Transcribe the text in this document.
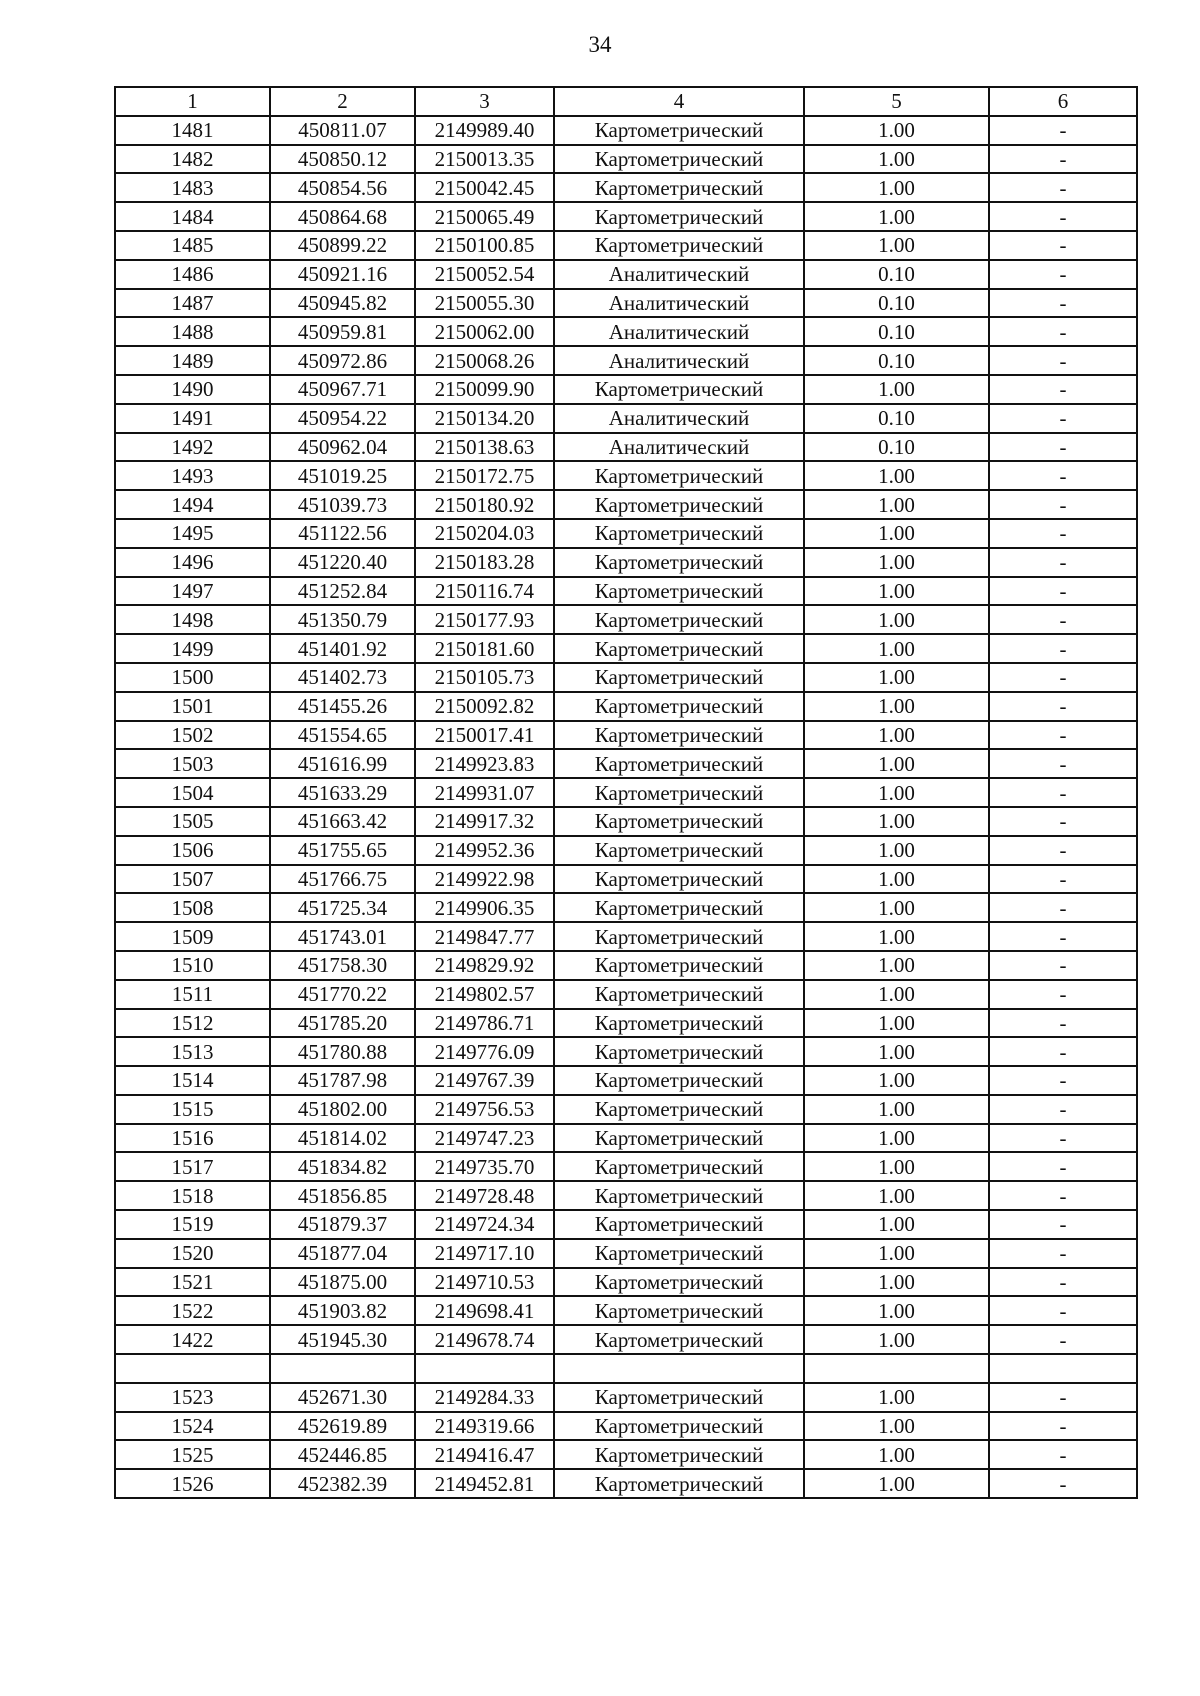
34
1	2	3	4	5	6
1481	450811.07	2149989.40	Картометрический	1.00	-
1482	450850.12	2150013.35	Картометрический	1.00	-
1483	450854.56	2150042.45	Картометрический	1.00	-
1484	450864.68	2150065.49	Картометрический	1.00	-
1485	450899.22	2150100.85	Картометрический	1.00	-
1486	450921.16	2150052.54	Аналитический	0.10	-
1487	450945.82	2150055.30	Аналитический	0.10	-
1488	450959.81	2150062.00	Аналитический	0.10	-
1489	450972.86	2150068.26	Аналитический	0.10	-
1490	450967.71	2150099.90	Картометрический	1.00	-
1491	450954.22	2150134.20	Аналитический	0.10	-
1492	450962.04	2150138.63	Аналитический	0.10	-
1493	451019.25	2150172.75	Картометрический	1.00	-
1494	451039.73	2150180.92	Картометрический	1.00	-
1495	451122.56	2150204.03	Картометрический	1.00	-
1496	451220.40	2150183.28	Картометрический	1.00	-
1497	451252.84	2150116.74	Картометрический	1.00	-
1498	451350.79	2150177.93	Картометрический	1.00	-
1499	451401.92	2150181.60	Картометрический	1.00	-
1500	451402.73	2150105.73	Картометрический	1.00	-
1501	451455.26	2150092.82	Картометрический	1.00	-
1502	451554.65	2150017.41	Картометрический	1.00	-
1503	451616.99	2149923.83	Картометрический	1.00	-
1504	451633.29	2149931.07	Картометрический	1.00	-
1505	451663.42	2149917.32	Картометрический	1.00	-
1506	451755.65	2149952.36	Картометрический	1.00	-
1507	451766.75	2149922.98	Картометрический	1.00	-
1508	451725.34	2149906.35	Картометрический	1.00	-
1509	451743.01	2149847.77	Картометрический	1.00	-
1510	451758.30	2149829.92	Картометрический	1.00	-
1511	451770.22	2149802.57	Картометрический	1.00	-
1512	451785.20	2149786.71	Картометрический	1.00	-
1513	451780.88	2149776.09	Картометрический	1.00	-
1514	451787.98	2149767.39	Картометрический	1.00	-
1515	451802.00	2149756.53	Картометрический	1.00	-
1516	451814.02	2149747.23	Картометрический	1.00	-
1517	451834.82	2149735.70	Картометрический	1.00	-
1518	451856.85	2149728.48	Картометрический	1.00	-
1519	451879.37	2149724.34	Картометрический	1.00	-
1520	451877.04	2149717.10	Картометрический	1.00	-
1521	451875.00	2149710.53	Картометрический	1.00	-
1522	451903.82	2149698.41	Картометрический	1.00	-
1422	451945.30	2149678.74	Картометрический	1.00	-

1523	452671.30	2149284.33	Картометрический	1.00	-
1524	452619.89	2149319.66	Картометрический	1.00	-
1525	452446.85	2149416.47	Картометрический	1.00	-
1526	452382.39	2149452.81	Картометрический	1.00	-
